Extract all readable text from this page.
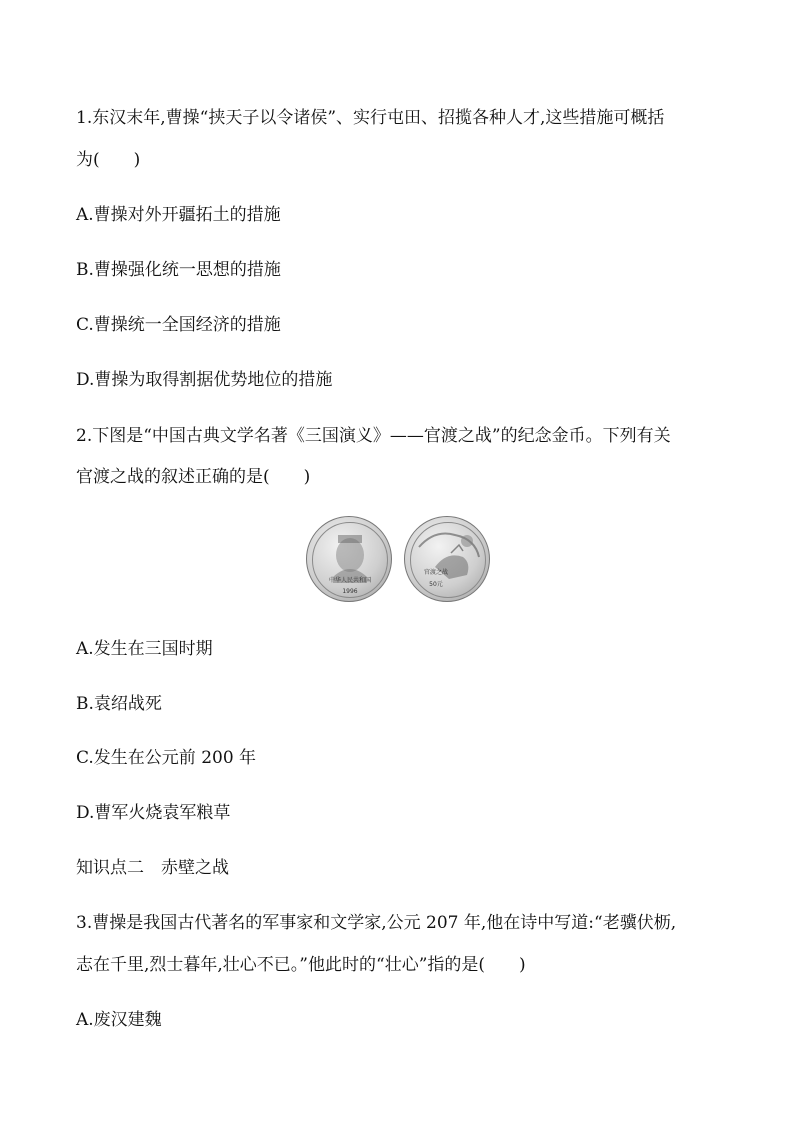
1.东汉末年,曹操“挟天子以令诸侯”、实行屯田、招揽各种人才,这些措施可概括
为(　　)
A.曹操对外开疆拓土的措施
B.曹操强化统一思想的措施
C.曹操统一全国经济的措施
D.曹操为取得割据优势地位的措施
2.下图是“中国古典文学名著《三国演义》——官渡之战”的纪念金币。下列有关
官渡之战的叙述正确的是(　　)
中华人民共和国
1996
官渡之战
50元
A.发生在三国时期
B.袁绍战死
C.发生在公元前 200 年
D.曹军火烧袁军粮草
知识点二　赤壁之战
3.曹操是我国古代著名的军事家和文学家,公元 207 年,他在诗中写道:“老骥伏枥,
志在千里,烈士暮年,壮心不已。”他此时的“壮心”指的是(　　)
A.废汉建魏
